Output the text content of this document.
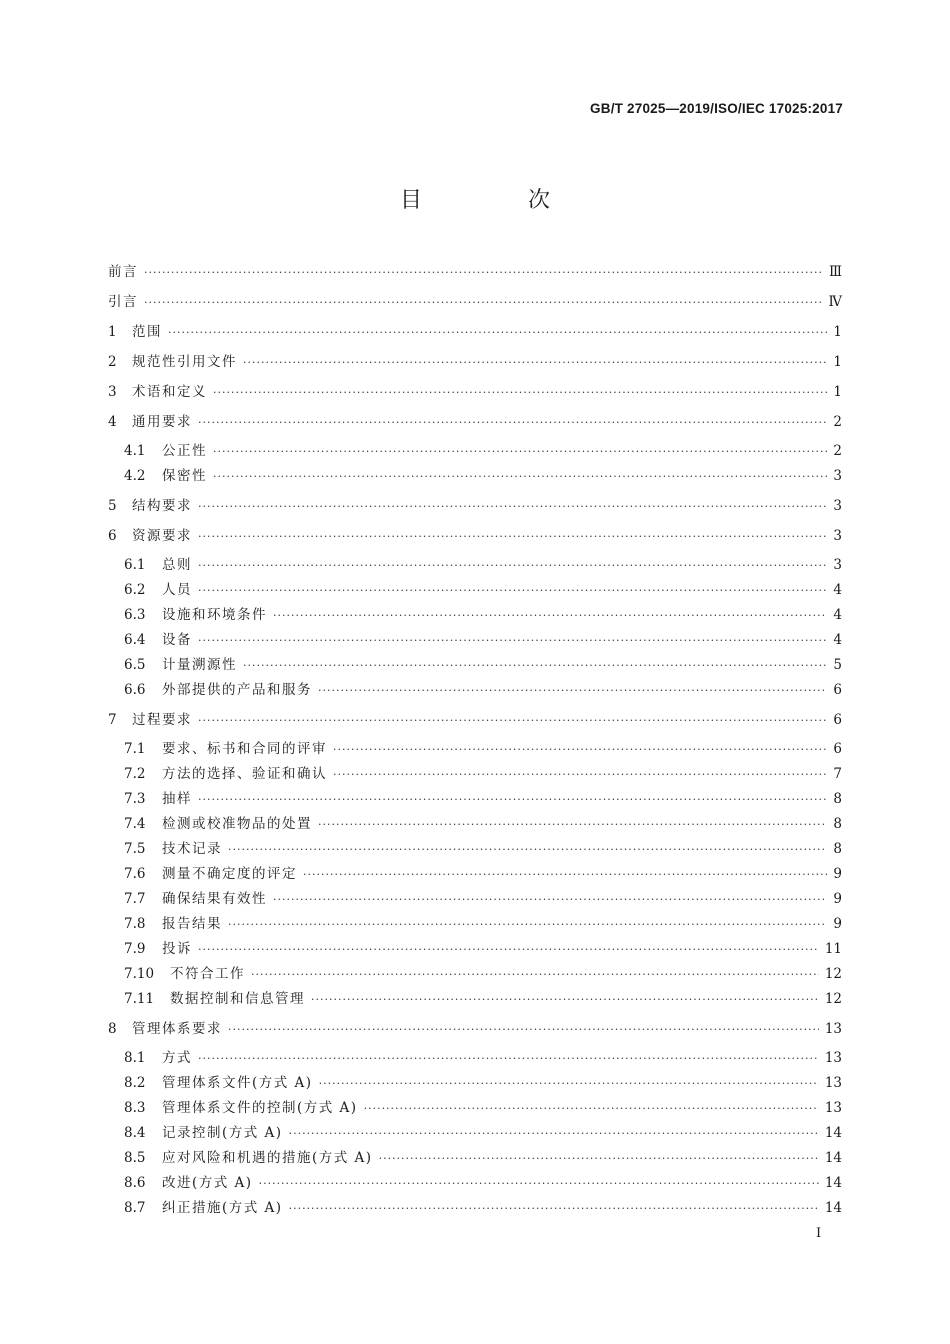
GB/T 27025—2019/ISO/IEC 17025:2017
目　次
前言 ·····	Ⅲ
引言 ·····	Ⅳ
1	范围 ·····	1
2	规范性引用文件 ·····	1
3	术语和定义 ·····	1
4	通用要求 ·····	2
4.1	公正性 ·····	2
4.2	保密性 ·····	3
5	结构要求 ·····	3
6	资源要求 ·····	3
6.1	总则 ·····	3
6.2	人员 ·····	4
6.3	设施和环境条件 ·····	4
6.4	设备 ·····	4
6.5	计量溯源性 ·····	5
6.6	外部提供的产品和服务 ·····	6
7	过程要求 ·····	6
7.1	要求、标书和合同的评审 ·····	6
7.2	方法的选择、验证和确认 ·····	7
7.3	抽样 ·····	8
7.4	检测或校准物品的处置 ·····	8
7.5	技术记录 ·····	8
7.6	测量不确定度的评定 ·····	9
7.7	确保结果有效性 ·····	9
7.8	报告结果 ·····	9
7.9	投诉 ·····	11
7.10	不符合工作 ·····	12
7.11	数据控制和信息管理 ·····	12
8	管理体系要求 ·····	13
8.1	方式 ·····	13
8.2	管理体系文件(方式 A) ·····	13
8.3	管理体系文件的控制(方式 A) ·····	13
8.4	记录控制(方式 A) ·····	14
8.5	应对风险和机遇的措施(方式 A) ·····	14
8.6	改进(方式 A) ·····	14
8.7	纠正措施(方式 A) ·····	14
Ⅰ
